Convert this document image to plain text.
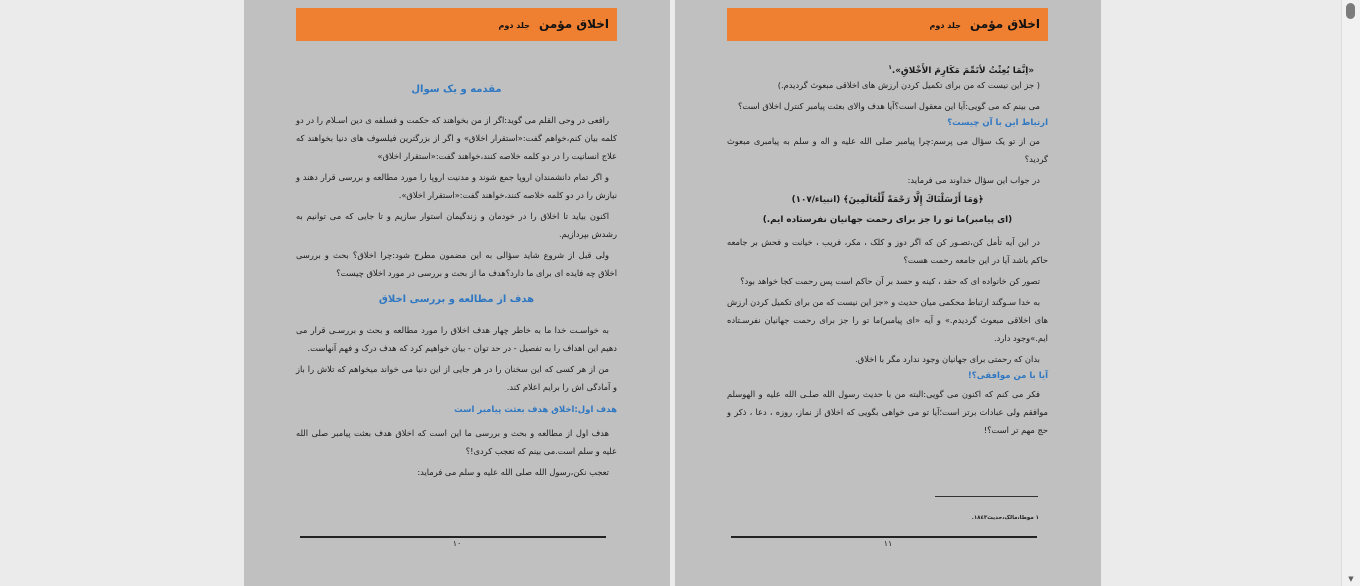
اخلاق مؤمن جلد دوم
مقدمه و يک سوال

رافعی در وحی القلم می گويد:اگر از من بخواهند که حکمت و فسلفه ی دين اسـلام را در دو کلمه بيان کنم،خواهم گفت:«استقرار اخلاق» و اگر از بزرگترين فيلسوف های دنيا بخواهند که علاج انسانيت را در دو کلمه خلاصه کنند،خواهند گفت:«استقرار اخلاق»

و اگر تمام دانشمندان اروپا جمع شوند و مدنيت اروپا را مورد مطالعه و بررسی قرار دهند و نيازش را در دو کلمه خلاصه کنند،خواهند گفت:«استقرار اخلاق».

اکنون بيايد تا اخلاق را در خودمان و زندگيمان استوار سازيم و تا جايی که می توانيم به رشدش بپردازيم.

ولی قبل از شروع شايد سؤالی به اين مضمون مطرح شود:چرا اخلاق؟ بحث و بررسی اخلاق چه فايده ای برای ما دارد؟هدف ما از بحث و بررسی در مورد اخلاق چيست؟

هدف از مطالعه و بررسی اخلاق

به خواسـت خدا ما به خاطر چهار هدف اخلاق را مورد مطالعه و بحث و بررسـی قرار می دهيم اين اهداف را به تفصيل - در حد توان - بيان خواهيم کرد که هدف درک و فهم آنهاست.

من از هر کسی که اين سخنان را در هر جايی از اين دنيا می خواند ميخواهم که تلاش را باز و آمادگی اش را برايم اعلام کند.

هدف اول:اخلاق هدف بعثت پيامبر است

هدف اول از مطالعه و بحث و بررسی ما اين است که اخلاق هدف بعثت پيامبر صلی الله عليه و سلم است.می بينم که تعجب کردی!؟

تعجب نکن،رسول الله صلی الله عليه و سلم می فرمايد:

١٠
اخلاق مؤمن جلد دوم

«اِنَّمَا بُعِثْتُ لأتَمِّمَ مَکَارِمَ الأَخْلاقِ».$^١$

( جز اين نيست که من برای تکميل کردن ارزش های اخلاقی مبعوث گرديدم.)

می بينم که می گويی:آيا اين معقول است؟آيا هدف والای بعثت پيامبر کنترل اخلاق است؟

ارتباط اين با آن چيست؟

من از تو يک سؤال می پرسم:چرا پيامبر صلی الله عليه و اله و سلم به پيامبری مبعوث گرديد؟

در جواب اين سؤال خداوند می فرمايد:

﴿وَمَا أَرْسَلْنَاكَ إِلَّا رَحْمَةً لِّلْعَالَمِينَ﴾ (انبياء/١٠٧)

(ای پيامبر)ما تو را جز برای رحمت جهانيان نفرستاده ايم.)

در اين آيه تأمل کن،تصـور کن که اگر دوز و کلک ، مکر، فريب ، خيانت و فحش بر جامعه حاکم باشد آيا در اين جامعه رحمت هست؟

تصور کن خانواده ای که حقد ، کينه و حسد بر آن حاکم است پس رحمت کجا خواهد بود؟

به خدا سـوگند ارتباط محکمی ميان حديث و «جز اين نيست که من برای تکميل کردن ارزش های اخلاقی مبعوث گرديدم.» و آيه «ای پيامبر)ما تو را جز برای رحمت جهانيان نفرسـتاده ايم.»وجود دارد.

بدان که رحمتی برای جهانيان وجود ندارد مگر با اخلاق.

آيا با من موافقی؟!

فکر می کنم که اکنون می گويی:البته من با حديث رسول الله صلـی الله عليه و الهوسلم موافقم ولی عبادات برتر است؛آيا تو می خواهی بگويی که اخلاق از نماز، روزه ، دعا ، ذکر و حج مهم تر است؟!

١ موطا،مالک،حديث١٨٤٣.
١١
▼
